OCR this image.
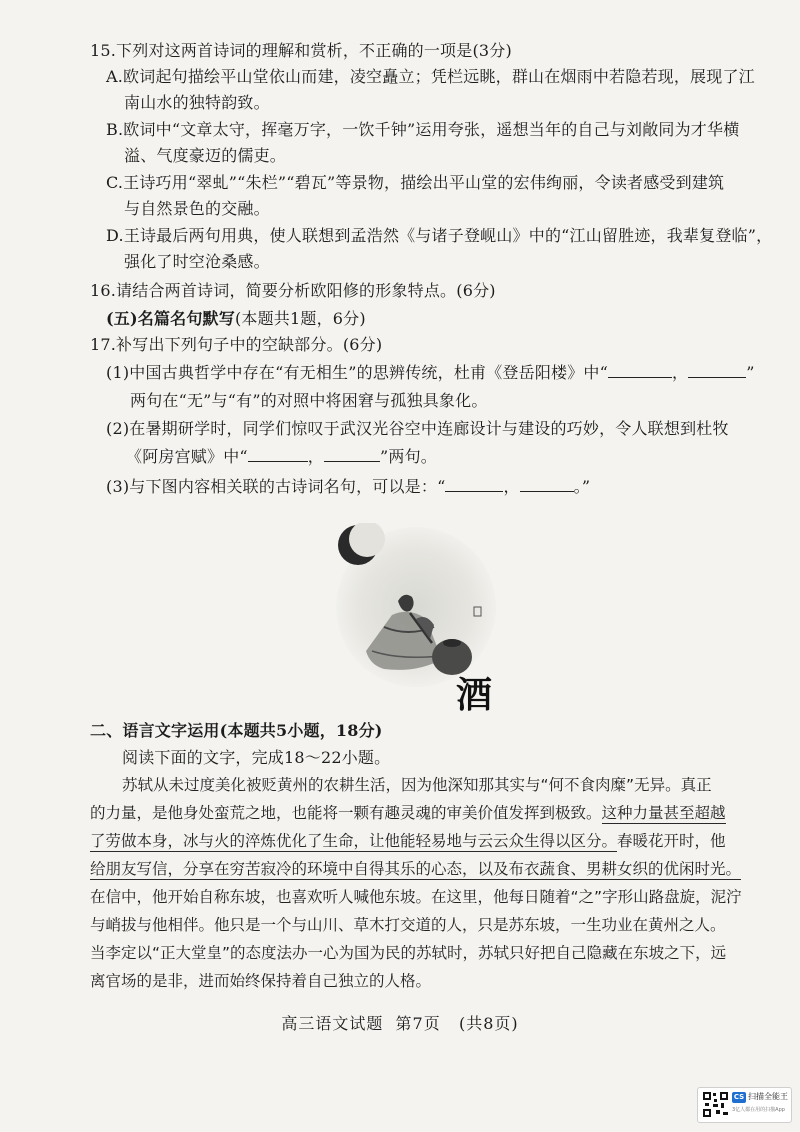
15.下列对这两首诗词的理解和赏析，不正确的一项是(3分)
A.欧词起句描绘平山堂依山而建，凌空矗立；凭栏远眺，群山在烟雨中若隐若现，展现了江
南山水的独特韵致。
B.欧词中“文章太守，挥毫万字，一饮千钟”运用夸张，遥想当年的自己与刘敞同为才华横
溢、气度豪迈的儒吏。
C.王诗巧用“翠虬”“朱栏”“碧瓦”等景物，描绘出平山堂的宏伟绚丽，令读者感受到建筑
与自然景色的交融。
D.王诗最后两句用典，使人联想到孟浩然《与诸子登岘山》中的“江山留胜迹，我辈复登临”，
强化了时空沧桑感。
16.请结合两首诗词，简要分析欧阳修的形象特点。(6分)
(五)名篇名句默写(本题共1题，6分)
17.补写出下列句子中的空缺部分。(6分)
(1)中国古典哲学中存在“有无相生”的思辨传统，杜甫《登岳阳楼》中“	，	”
两句在“无”与“有”的对照中将困窘与孤独具象化。
(2)在暑期研学时，同学们惊叹于武汉光谷空中连廊设计与建设的巧妙，令人联想到杜牧
《阿房宫赋》中“	，	”两句。
(3)与下图内容相关联的古诗词名句，可以是：“	，	。”
酒
二、语言文字运用(本题共5小题，18分)
阅读下面的文字，完成18～22小题。
苏轼从未过度美化被贬黄州的农耕生活，因为他深知那其实与“何不食肉糜”无异。真正
的力量，是他身处蛮荒之地，也能将一颗有趣灵魂的审美价值发挥到极致。这种力量甚至超越
了劳做本身，冰与火的淬炼优化了生命，让他能轻易地与云云众生得以区分。春暖花开时，他
给朋友写信，分享在穷苦寂冷的环境中自得其乐的心态，以及布衣蔬食、男耕女织的优闲时光。
在信中，他开始自称东坡，也喜欢听人喊他东坡。在这里，他每日随着“之”字形山路盘旋，泥泞
与峭拔与他相伴。他只是一个与山川、草木打交道的人，只是苏东坡，一生功业在黄州之人。
当李定以“正大堂皇”的态度法办一心为国为民的苏轼时，苏轼只好把自己隐藏在东坡之下，远
离官场的是非，进而始终保持着自己独立的人格。
高三语文试题 第7页 (共8页)
CS 扫描全能王
3亿人都在用的扫描App
